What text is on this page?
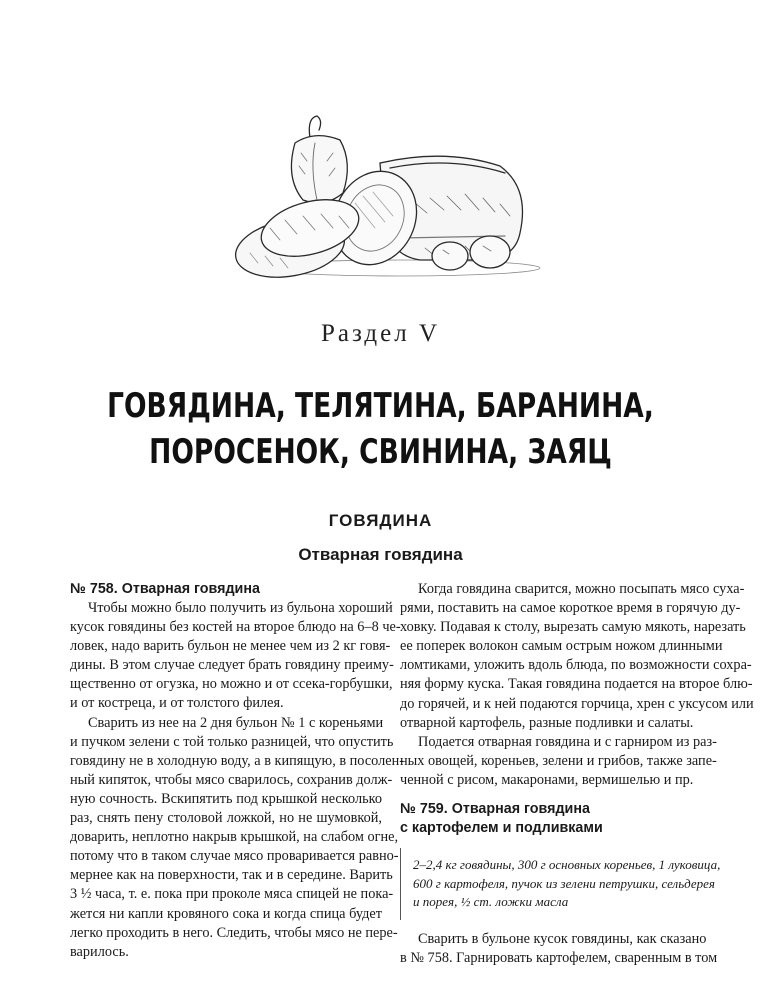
Раздел V
ГОВЯДИНА, ТЕЛЯТИНА, БАРАНИНА,
ПОРОСЕНОК, СВИНИНА, ЗАЯЦ
ГОВЯДИНА
Отварная говядина

№ 758. Отварная говядина

Чтобы можно было получить из бульона хороший
кусок говядины без костей на второе блюдо на 6–8 че-
ловек, надо варить бульон не менее чем из 2 кг говя-
дины. В этом случае следует брать говядину преиму-
щественно от огузка, но можно и от ссека-горбушки,
и от костреца, и от толстого филея.
Сварить из нее на 2 дня бульон № 1 с кореньями
и пучком зелени с той только разницей, что опустить
говядину не в холодную воду, а в кипящую, в посолен-
ный кипяток, чтобы мясо сварилось, сохранив долж-
ную сочность. Вскипятить под крышкой несколько
раз, снять пену столовой ложкой, но не шумовкой,
доварить, неплотно накрыв крышкой, на слабом огне,
потому что в таком случае мясо проваривается равно-
мернее как на поверхности, так и в середине. Варить
3 ½ часа, т. е. пока при проколе мяса спицей не пока-
жется ни капли кровяного сока и когда спица будет
легко проходить в него. Следить, чтобы мясо не пере-
варилось.
Когда говядина сварится, можно посыпать мясо суха-
рями, поставить на самое короткое время в горячую ду-
ховку. Подавая к столу, вырезать самую мякоть, нарезать
ее поперек волокон самым острым ножом длинными
ломтиками, уложить вдоль блюда, по возможности сохра-
няя форму куска. Такая говядина подается на второе блю-
до горячей, и к ней подаются горчица, хрен с уксусом или
отварной картофель, разные подливки и салаты.
Подается отварная говядина и с гарниром из раз-
ных овощей, кореньев, зелени и грибов, также запе-
ченной с рисом, макаронами, вермишелью и пр.
№ 759. Отварная говядина
с картофелем и подливками
2–2,4 кг говядины, 300 г основных кореньев, 1 луковица,
600 г картофеля, пучок из зелени петрушки, сельдерея
и порея, ½ ст. ложки масла
Сварить в бульоне кусок говядины, как сказано
в № 758. Гарнировать картофелем, сваренным в том
